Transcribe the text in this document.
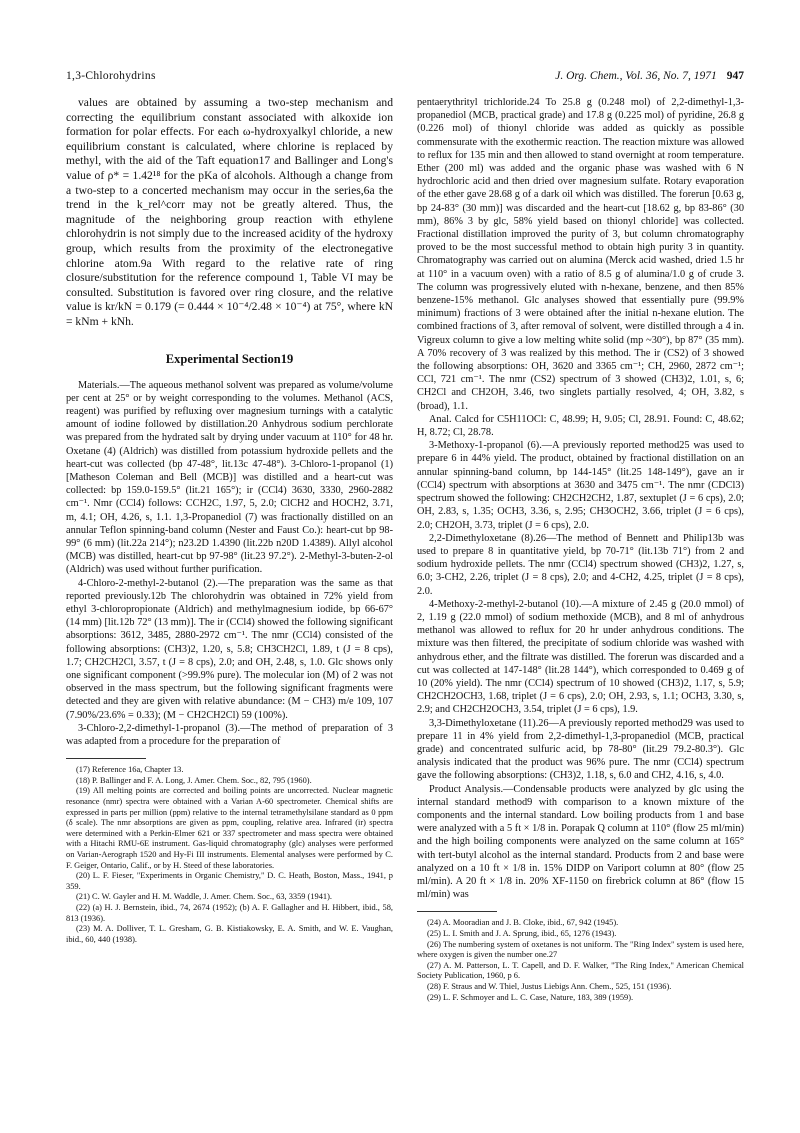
1,3-Chlorohydrins	J. Org. Chem., Vol. 36, No. 7, 1971 947

values are obtained by assuming a two-step mechanism and correcting the equilibrium constant associated with alkoxide ion formation for polar effects. For each ω-hydroxyalkyl chloride, a new equilibrium constant is calculated, where chlorine is replaced by methyl, with the aid of the Taft equation17 and Ballinger and Long's value of ρ* = 1.42¹⁸ for the pKa of alcohols. Although a change from a two-step to a concerted mechanism may occur in the series,6a the trend in the k_rel^corr may not be greatly altered. Thus, the magnitude of the neighboring group reaction with ethylene chlorohydrin is not simply due to the increased acidity of the hydroxy group, which results from the proximity of the electronegative chlorine atom.9a With regard to the relative rate of ring closure/substitution for the reference compound 1, Table VI may be consulted. Substitution is favored over ring closure, and the relative value is kr/kN = 0.179 (= 0.444 × 10⁻⁴/2.48 × 10⁻⁴) at 75°, where kN = kNm + kNh.

Experimental Section19

Materials.—The aqueous methanol solvent was prepared as volume/volume per cent at 25° or by weight corresponding to the volumes. Methanol (ACS, reagent) was purified by refluxing over magnesium turnings with a catalytic amount of iodine followed by distillation.20 Anhydrous sodium perchlorate was prepared from the hydrated salt by drying under vacuum at 110° for 48 hr. Oxetane (4) (Aldrich) was distilled from potassium hydroxide pellets and the heart-cut was collected (bp 47-48°, lit.13c 47-48°). 3-Chloro-1-propanol (1) [Matheson Coleman and Bell (MCB)] was distilled and a heart-cut was collected: bp 159.0-159.5° (lit.21 165°); ir (CCl4) 3630, 3330, 2960-2882 cm⁻¹. Nmr (CCl4) follows: CCH2C, 1.97, 5, 2.0; ClCH2 and HOCH2, 3.71, m, 4.1; OH, 4.26, s, 1.1. 1,3-Propanediol (7) was fractionally distilled on an annular Teflon spinning-band column (Nester and Faust Co.): heart-cut bp 98-99° (6 mm) (lit.22a 214°); n23.2D 1.4390 (lit.22b n20D 1.4389). Allyl alcohol (MCB) was distilled, heart-cut bp 97-98° (lit.23 97.2°). 2-Methyl-3-buten-2-ol (Aldrich) was used without further purification.

4-Chloro-2-methyl-2-butanol (2).—The preparation was the same as that reported previously.12b The chlorohydrin was obtained in 72% yield from ethyl 3-chloropropionate (Aldrich) and methylmagnesium iodide, bp 66-67° (14 mm) [lit.12b 72° (13 mm)]. The ir (CCl4) showed the following significant absorptions: 3612, 3485, 2880-2972 cm⁻¹. The nmr (CCl4) consisted of the following absorptions: (CH3)2, 1.20, s, 5.8; CH3CH2Cl, 1.89, t (J = 8 cps), 1.7; CH2CH2Cl, 3.57, t (J = 8 cps), 2.0; and OH, 2.48, s, 1.0. Glc shows only one significant component (>99.9% pure). The molecular ion (M) of 2 was not observed in the mass spectrum, but the following significant fragments were detected and they are given with relative abundance: (M − CH3) m/e 109, 107 (7.90%/23.6% = 0.33); (M − CH2CH2Cl) 59 (100%).

3-Chloro-2,2-dimethyl-1-propanol (3).—The method of preparation of 3 was adapted from a procedure for the preparation of

(17) Reference 16a, Chapter 13.

(18) P. Ballinger and F. A. Long, J. Amer. Chem. Soc., 82, 795 (1960).

(19) All melting points are corrected and boiling points are uncorrected. Nuclear magnetic resonance (nmr) spectra were obtained with a Varian A-60 spectrometer. Chemical shifts are expressed in parts per million (ppm) relative to the internal tetramethylsilane standard as 0 ppm (δ scale). The nmr absorptions are given as ppm, coupling, relative area. Infrared (ir) spectra were determined with a Perkin-Elmer 621 or 337 spectrometer and mass spectra were obtained with a Hitachi RMU-6E instrument. Gas-liquid chromatography (glc) analyses were performed on Varian-Aerograph 1520 and Hy-Fi III instruments. Elemental analyses were performed by C. F. Geiger, Ontario, Calif., or by H. Steed of these laboratories.

(20) L. F. Fieser, "Experiments in Organic Chemistry," D. C. Heath, Boston, Mass., 1941, p 359.

(21) C. W. Gayler and H. M. Waddle, J. Amer. Chem. Soc., 63, 3359 (1941).

(22) (a) H. J. Bernstein, ibid., 74, 2674 (1952); (b) A. F. Gallagher and H. Hibbert, ibid., 58, 813 (1936).

(23) M. A. Dolliver, T. L. Gresham, G. B. Kistiakowsky, E. A. Smith, and W. E. Vaughan, ibid., 60, 440 (1938).

pentaerythrityl trichloride.24 To 25.8 g (0.248 mol) of 2,2-dimethyl-1,3-propanediol (MCB, practical grade) and 17.8 g (0.225 mol) of pyridine, 26.8 g (0.226 mol) of thionyl chloride was added as quickly as possible commensurate with the exothermic reaction. The reaction mixture was allowed to reflux for 135 min and then allowed to stand overnight at room temperature. Ether (200 ml) was added and the organic phase was washed with 6 N hydrochloric acid and then dried over magnesium sulfate. Rotary evaporation of the ether gave 28.68 g of a dark oil which was distilled. The forerun [0.63 g, bp 24-83° (30 mm)] was discarded and the heart-cut [18.62 g, bp 83-86° (30 mm), 86% 3 by glc, 58% yield based on thionyl chloride] was collected. Fractional distillation improved the purity of 3, but column chromatography proved to be the most successful method to obtain high purity 3 in quantity. Chromatography was carried out on alumina (Merck acid washed, dried 1.5 hr at 110° in a vacuum oven) with a ratio of 8.5 g of alumina/1.0 g of crude 3. The column was progressively eluted with n-hexane, benzene, and then 85% benzene-15% methanol. Glc analyses showed that essentially pure (99.9% minimum) fractions of 3 were obtained after the initial n-hexane elution. The combined fractions of 3, after removal of solvent, were distilled through a 4 in. Vigreux column to give a low melting white solid (mp ~30°), bp 87° (35 mm). A 70% recovery of 3 was realized by this method. The ir (CS2) of 3 showed the following absorptions: OH, 3620 and 3365 cm⁻¹; CH, 2960, 2872 cm⁻¹; CCl, 721 cm⁻¹. The nmr (CS2) spectrum of 3 showed (CH3)2, 1.01, s, 6; CH2Cl and CH2OH, 3.46, two singlets partially resolved, 4; OH, 3.82, s (broad), 1.1.

Anal. Calcd for C5H11OCl: C, 48.99; H, 9.05; Cl, 28.91. Found: C, 48.62; H, 8.72; Cl, 28.78.

3-Methoxy-1-propanol (6).—A previously reported method25 was used to prepare 6 in 44% yield. The product, obtained by fractional distillation on an annular spinning-band column, bp 144-145° (lit.25 148-149°), gave an ir (CCl4) spectrum with absorptions at 3630 and 3475 cm⁻¹. The nmr (CDCl3) spectrum showed the following: CH2CH2CH2, 1.87, sextuplet (J = 6 cps), 2.0; OH, 2.83, s, 1.35; OCH3, 3.36, s, 2.95; CH3OCH2, 3.66, triplet (J = 6 cps), 2.0; CH2OH, 3.73, triplet (J = 6 cps), 2.0.

2,2-Dimethyloxetane (8).26—The method of Bennett and Philip13b was used to prepare 8 in quantitative yield, bp 70-71° (lit.13b 71°) from 2 and sodium hydroxide pellets. The nmr (CCl4) spectrum showed (CH3)2, 1.27, s, 6.0; 3-CH2, 2.26, triplet (J = 8 cps), 2.0; and 4-CH2, 4.25, triplet (J = 8 cps), 2.0.

4-Methoxy-2-methyl-2-butanol (10).—A mixture of 2.45 g (20.0 mmol) of 2, 1.19 g (22.0 mmol) of sodium methoxide (MCB), and 8 ml of anhydrous methanol was allowed to reflux for 20 hr under anhydrous conditions. The mixture was then filtered, the precipitate of sodium chloride was washed with anhydrous ether, and the filtrate was distilled. The forerun was discarded and a cut was collected at 147-148° (lit.28 144°), which corresponded to 0.469 g of 10 (20% yield). The nmr (CCl4) spectrum of 10 showed (CH3)2, 1.17, s, 5.9; CH2CH2OCH3, 1.68, triplet (J = 6 cps), 2.0; OH, 2.93, s, 1.1; OCH3, 3.30, s, 2.9; and CH2CH2OCH3, 3.54, triplet (J = 6 cps), 1.9.

3,3-Dimethyloxetane (11).26—A previously reported method29 was used to prepare 11 in 4% yield from 2,2-dimethyl-1,3-propanediol (MCB, practical grade) and concentrated sulfuric acid, bp 78-80° (lit.29 79.2-80.3°). Glc analysis indicated that the product was 96% pure. The nmr (CCl4) spectrum gave the following absorptions: (CH3)2, 1.18, s, 6.0 and CH2, 4.16, s, 4.0.

Product Analysis.—Condensable products were analyzed by glc using the internal standard method9 with comparison to a known mixture of the components and the internal standard. Low boiling products from 1 and base were analyzed with a 5 ft × 1/8 in. Porapak Q column at 110° (flow 25 ml/min) and the high boiling components were analyzed on the same column at 165° with tert-butyl alcohol as the internal standard. Products from 2 and base were analyzed on a 10 ft × 1/8 in. 15% DIDP on Variport column at 80° (flow 25 ml/min). A 20 ft × 1/8 in. 20% XF-1150 on firebrick column at 86° (flow 15 ml/min) was

(24) A. Mooradian and J. B. Cloke, ibid., 67, 942 (1945).

(25) L. I. Smith and J. A. Sprung, ibid., 65, 1276 (1943).

(26) The numbering system of oxetanes is not uniform. The "Ring Index" system is used here, where oxygen is given the number one.27

(27) A. M. Patterson, L. T. Capell, and D. F. Walker, "The Ring Index," American Chemical Society Publication, 1960, p 6.

(28) F. Straus and W. Thiel, Justus Liebigs Ann. Chem., 525, 151 (1936).

(29) L. F. Schmoyer and L. C. Case, Nature, 183, 389 (1959).
